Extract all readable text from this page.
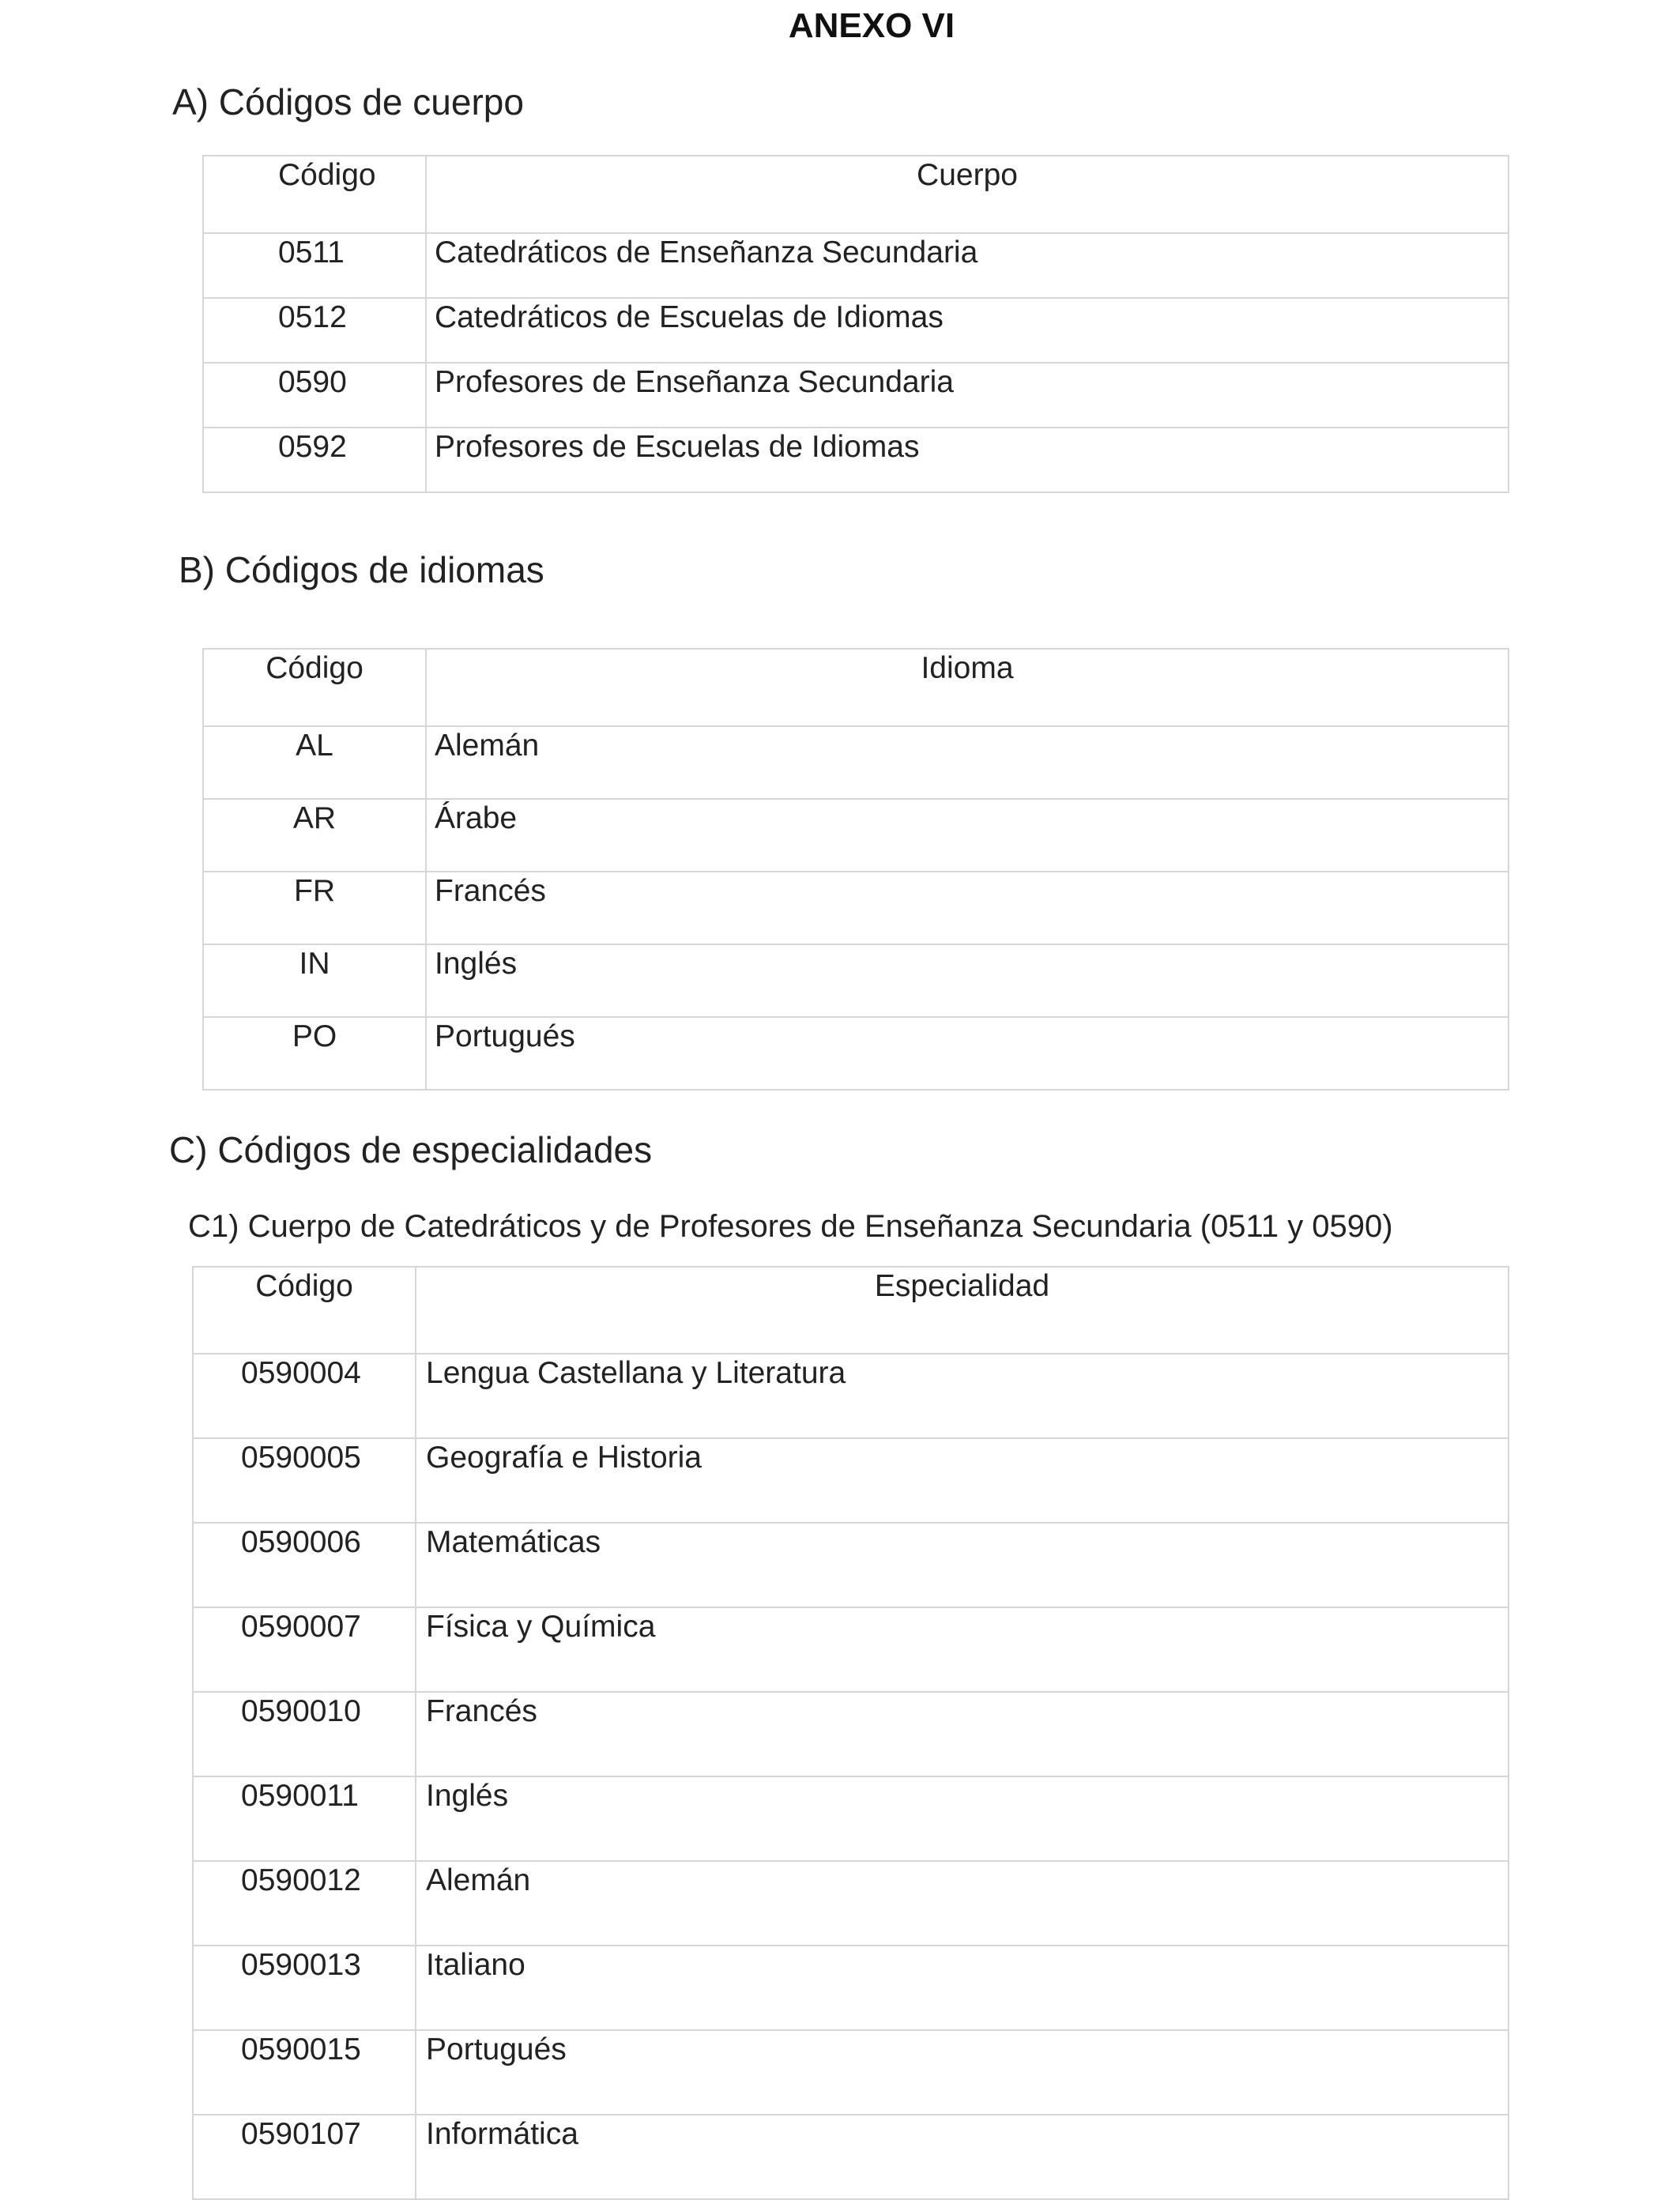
ANEXO VI
A) Códigos de cuerpo
Código	Cuerpo
0511	Catedráticos de Enseñanza Secundaria
0512	Catedráticos de Escuelas de Idiomas
0590	Profesores de Enseñanza Secundaria
0592	Profesores de Escuelas de Idiomas
B) Códigos de idiomas
Código	Idioma
AL	Alemán
AR	Árabe
FR	Francés
IN	Inglés
PO	Portugués
C) Códigos de especialidades
C1) Cuerpo de Catedráticos y de Profesores de Enseñanza Secundaria (0511 y 0590)
Código	Especialidad
0590004	Lengua Castellana y Literatura
0590005	Geografía e Historia
0590006	Matemáticas
0590007	Física y Química
0590010	Francés
0590011	Inglés
0590012	Alemán
0590013	Italiano
0590015	Portugués
0590107	Informática
